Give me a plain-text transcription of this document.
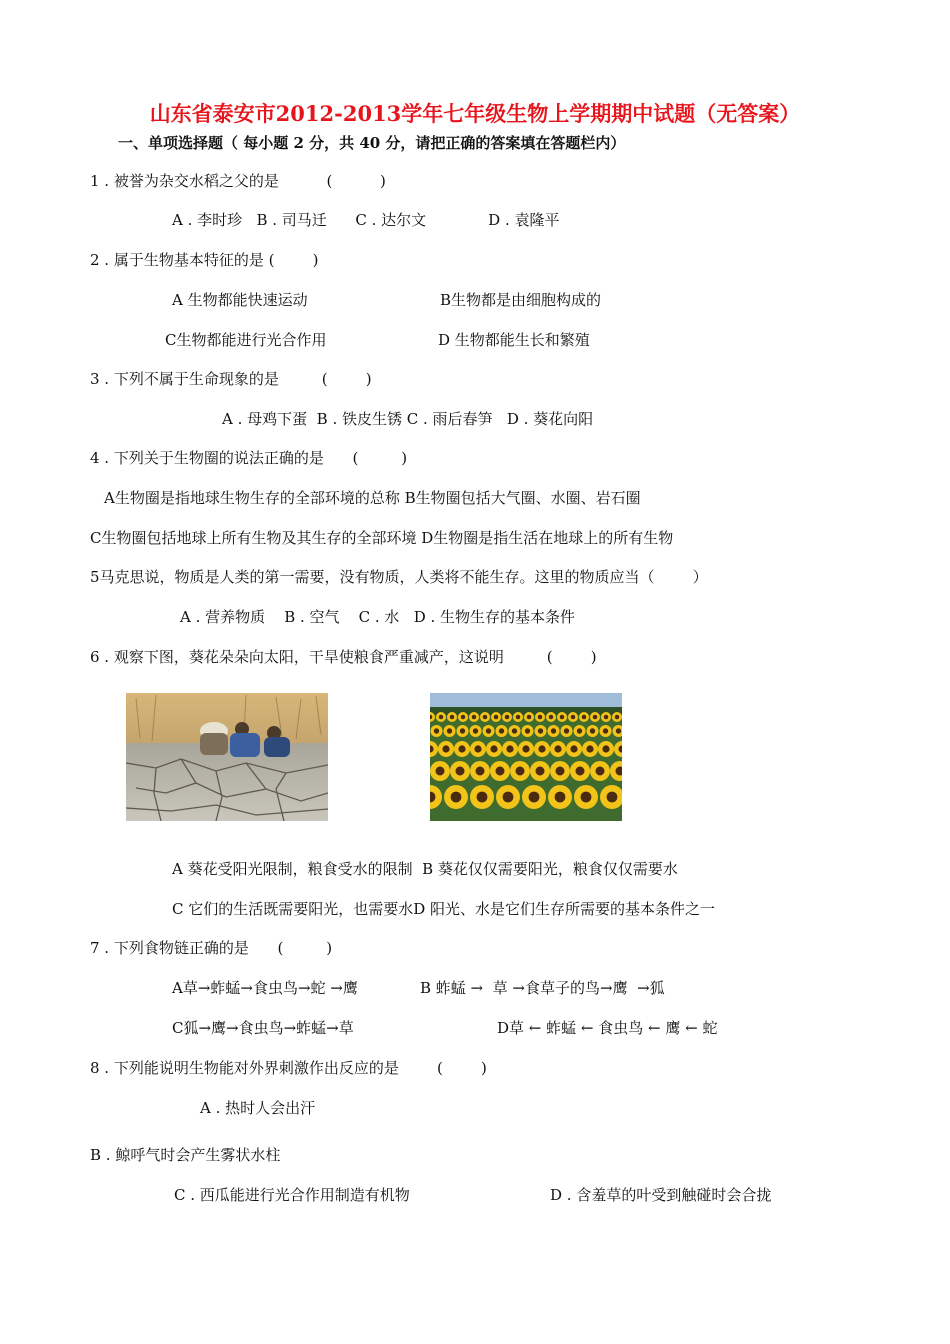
山东省泰安市2012-2013学年七年级生物上学期期中试题（无答案）
一、单项选择题（ 每小题 2 分，共 40 分，请把正确的答案填在答题栏内）
1 . 被誉为杂交水稻之父的是          (          )
A . 李时珍   B . 司马迁      C . 达尔文             D . 袁隆平
2 . 属于生物基本特征的是 (        )
A 生物都能快速运动	B生物都是由细胞构成的
C生物都能进行光合作用	D 生物都能生长和繁殖
3 . 下列不属于生命现象的是         (        )
A . 母鸡下蛋  B . 铁皮生锈 C . 雨后春笋   D . 葵花向阳
4 . 下列关于生物圈的说法正确的是      (         )
A生物圈是指地球生物生存的全部环境的总称 B生物圈包括大气圈、水圈、岩石圈
C生物圈包括地球上所有生物及其生存的全部环境 D生物圈是指生活在地球上的所有生物
5马克思说，物质是人类的第一需要，没有物质，人类将不能生存。这里的物质应当（        ）
A . 营养物质    B . 空气    C . 水   D . 生物生存的基本条件
6 . 观察下图，葵花朵朵向太阳，干旱使粮食严重减产，这说明         (        )
A 葵花受阳光限制，粮食受水的限制  B 葵花仅仅需要阳光，粮食仅仅需要水
C 它们的生活既需要阳光，也需要水D 阳光、水是它们生存所需要的基本条件之一
7 . 下列食物链正确的是      (         )
A草→蚱蜢→食虫鸟→蛇 →鹰	B 蚱蜢 →  草 →食草子的鸟→鹰  →狐
C狐→鹰→食虫鸟→蚱蜢→草	D草 ← 蚱蜢 ← 食虫鸟 ← 鹰 ← 蛇
8 . 下列能说明生物能对外界刺激作出反应的是        (        )
A . 热时人会出汗
B . 鲸呼气时会产生雾状水柱
C . 西瓜能进行光合作用制造有机物	D . 含羞草的叶受到触碰时会合拢
